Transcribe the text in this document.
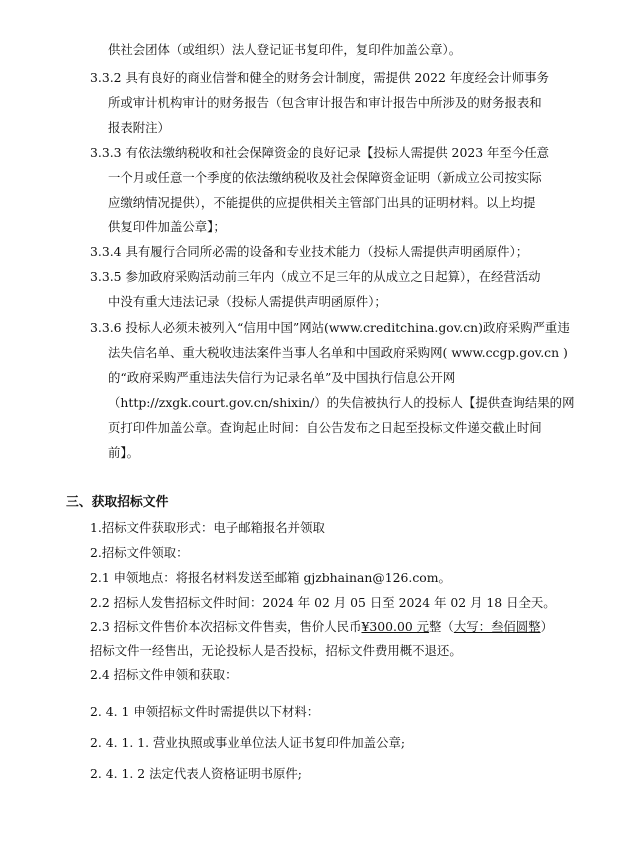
供社会团体（或组织）法人登记证书复印件，复印件加盖公章）。
3.3.2 具有良好的商业信誉和健全的财务会计制度，需提供 2022 年度经会计师事务
所或审计机构审计的财务报告（包含审计报告和审计报告中所涉及的财务报表和
报表附注）
3.3.3 有依法缴纳税收和社会保障资金的良好记录【投标人需提供 2023 年至今任意
一个月或任意一个季度的依法缴纳税收及社会保障资金证明（新成立公司按实际
应缴纳情况提供），不能提供的应提供相关主管部门出具的证明材料。以上均提
供复印件加盖公章】；
3.3.4 具有履行合同所必需的设备和专业技术能力（投标人需提供声明函原件）；
3.3.5 参加政府采购活动前三年内（成立不足三年的从成立之日起算），在经营活动
中没有重大违法记录（投标人需提供声明函原件）；
3.3.6 投标人必须未被列入“信用中国”网站(www.creditchina.gov.cn)政府采购严重违
法失信名单、重大税收违法案件当事人名单和中国政府采购网( www.ccgp.gov.cn )
的“政府采购严重违法失信行为记录名单”及中国执行信息公开网
（http://zxgk.court.gov.cn/shixin/）的失信被执行人的投标人【提供查询结果的网
页打印件加盖公章。查询起止时间：自公告发布之日起至投标文件递交截止时间
前】。
三、获取招标文件
1.招标文件获取形式：电子邮箱报名并领取
2.招标文件领取：
2.1 申领地点：将报名材料发送至邮箱 gjzbhainan@126.com。
2.2 招标人发售招标文件时间：2024 年 02 月 05 日至 2024 年 02 月 18 日全天。
2.3 招标文件售价本次招标文件售卖，售价人民币¥300.00 元整（大写：叁佰圆整）
招标文件一经售出，无论投标人是否投标，招标文件费用概不退还。
2.4 招标文件申领和获取：
2. 4. 1 申领招标文件时需提供以下材料：
2. 4. 1. 1. 营业执照或事业单位法人证书复印件加盖公章;
2. 4. 1. 2 法定代表人资格证明书原件;
